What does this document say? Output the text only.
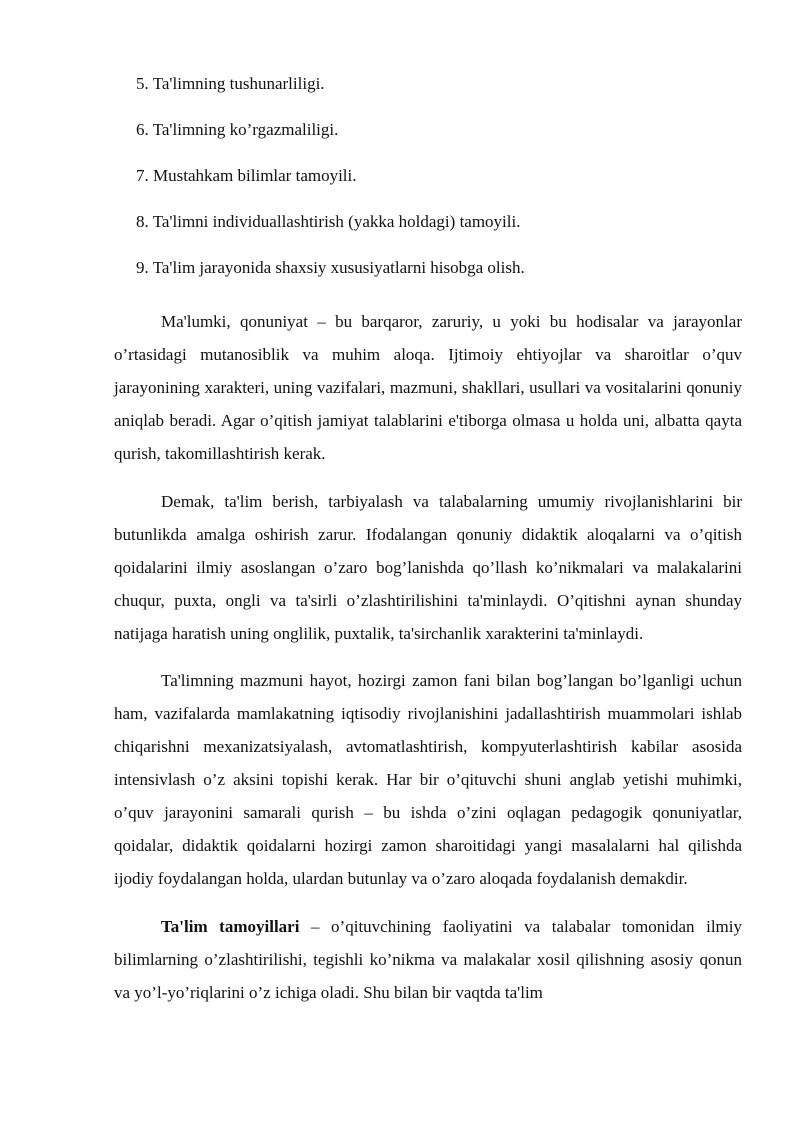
5. Ta'limning tushunarliligi.
6. Ta'limning ko’rgazmaliligi.
7. Mustahkam bilimlar tamoyili.
8. Ta'limni individuallashtirish (yakka holdagi) tamoyili.
9. Ta'lim jarayonida shaxsiy xususiyatlarni hisobga olish.

Ma'lumki, qonuniyat – bu barqaror, zaruriy, u yoki bu hodisalar va jarayonlar o’rtasidagi mutanosiblik va muhim aloqa. Ijtimoiy ehtiyojlar va sharoitlar o’quv jarayonining xarakteri, uning vazifalari, mazmuni, shakllari, usullari va vositalarini qonuniy aniqlab beradi. Agar o’qitish jamiyat talablarini e'tiborga olmasa u holda uni, albatta qayta qurish, takomillashtirish kerak.

Demak, ta'lim berish, tarbiyalash va talabalarning umumiy rivojlanishlarini bir butunlikda amalga oshirish zarur. Ifodalangan qonuniy didaktik aloqalarni va o’qitish qoidalarini ilmiy asoslangan o’zaro bog’lanishda qo’llash ko’nikmalari va malakalarini chuqur, puxta, ongli va ta'sіrli o’zlashtirilishini ta'minlaydi. O’qitishni aynan shunday natijaga haratish uning onglilik, puxtalik, ta'sіrchanlik xarakterini ta'minlaydi.

Ta'limning mazmuni hayot, hozirgi zamon fani bilan bog’langan bo’lganligi uchun ham, vazifalarda mamlakatning iqtisodiy rivojlanishini jadallashtirish muammolari ishlab chiqarishni mexanizatsiyalash, avtomatlashtirish, kompyuterlashtirish kabilar asosida intensivlash o’z aksini topishi kerak. Har bir o’qituvchi shuni anglab yetishi muhimki, o’quv jarayonini samarali qurish – bu ishda o’zini oqlagan pedagogik qonuniyatlar, qoidalar, didaktik qoidalarni hozirgi zamon sharoitidagi yangi masalalarni hal qilishda ijodiy foydalangan holda, ulardan butunlay va o’zaro aloqada foydalanish demakdir.

Ta'lim tamoyillari – o’qituvchining faoliyatini va talabalar tomonidan ilmiy bilimlarning o’zlashtirilishi, tegishli ko’nikma va malakalar xosil qilishning asosiy qonun va yo’l-yo’riqlarini o’z ichiga oladi. Shu bilan bir vaqtda ta'lim
